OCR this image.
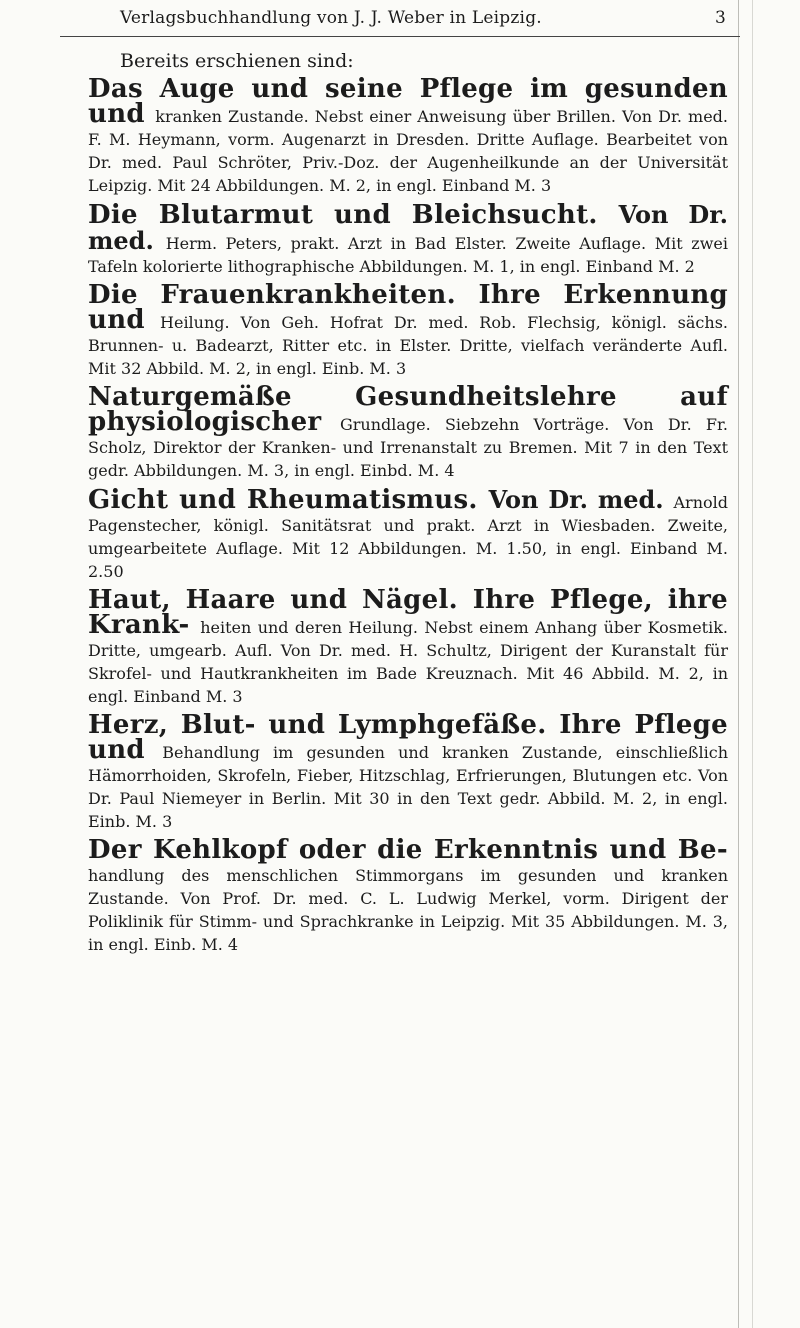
Verlagsbuchhandlung von J. J. Weber in Leipzig.	3
Bereits erschienen sind:
Das Auge und seine Pflege im gesunden und kranken Zustande. Nebst einer Anweisung über Brillen. Von Dr. med. F. M. Heymann, vorm. Augenarzt in Dresden. Dritte Auflage. Bearbeitet von Dr. med. Paul Schröter, Priv.-Doz. der Augenheilkunde an der Universität Leipzig. Mit 24 Abbildungen. M. 2, in engl. Einband M. 3
Die Blutarmut und Bleichsucht. Von Dr. med. Herm. Peters, prakt. Arzt in Bad Elster. Zweite Auflage. Mit zwei Tafeln kolorierte lithographische Abbildungen. M. 1, in engl. Einband M. 2
Die Frauenkrankheiten. Ihre Erkennung und Heilung. Von Geh. Hofrat Dr. med. Rob. Flechsig, königl. sächs. Brunnen- u. Badearzt, Ritter etc. in Elster. Dritte, vielfach veränderte Aufl. Mit 32 Abbild. M. 2, in engl. Einb. M. 3
Naturgemäße Gesundheitslehre auf physiologischer Grundlage. Siebzehn Vorträge. Von Dr. Fr. Scholz, Direktor der Kranken- und Irrenanstalt zu Bremen. Mit 7 in den Text gedr. Abbildungen. M. 3, in engl. Einbd. M. 4
Gicht und Rheumatismus. Von Dr. med. Arnold Pagenstecher, königl. Sanitätsrat und prakt. Arzt in Wiesbaden. Zweite, umgearbeitete Auflage. Mit 12 Abbildungen. M. 1.50, in engl. Einband M. 2.50
Haut, Haare und Nägel. Ihre Pflege, ihre Krank- heiten und deren Heilung. Nebst einem Anhang über Kosmetik. Dritte, umgearb. Aufl. Von Dr. med. H. Schultz, Dirigent der Kuranstalt für Skrofel- und Hautkrankheiten im Bade Kreuznach. Mit 46 Abbild. M. 2, in engl. Einband M. 3
Herz, Blut- und Lymphgefäße. Ihre Pflege und Behandlung im gesunden und kranken Zustande, einschließlich Hämorrhoiden, Skrofeln, Fieber, Hitzschlag, Erfrierungen, Blutungen etc. Von Dr. Paul Niemeyer in Berlin. Mit 30 in den Text gedr. Abbild. M. 2, in engl. Einb. M. 3
Der Kehlkopf oder die Erkenntnis und Be- handlung des menschlichen Stimmorgans im gesunden und kranken Zustande. Von Prof. Dr. med. C. L. Ludwig Merkel, vorm. Dirigent der Poliklinik für Stimm- und Sprachkranke in Leipzig. Mit 35 Abbildungen. M. 3, in engl. Einb. M. 4
